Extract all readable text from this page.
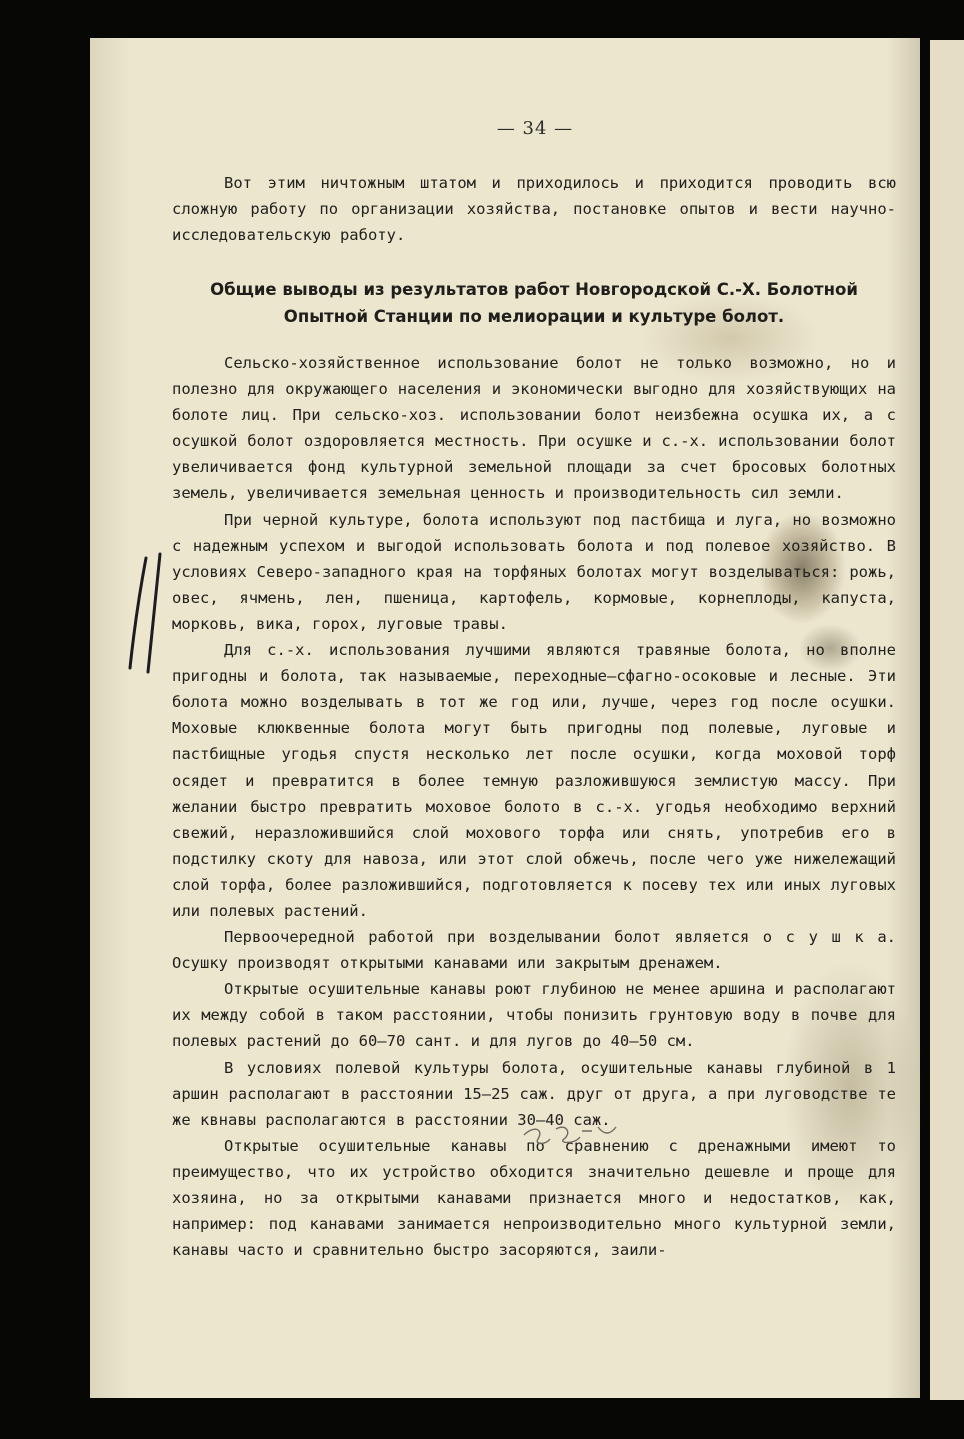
— 34 —
Вот этим ничтожным штатом и приходилось и приходится проводить всю сложную работу по организации хозяйства, постановке опытов и вести научно-исследовательскую работу.
Общие выводы из результатов работ Новгородской С.-Х. Болотной Опытной Станции по мелиорации и культуре болот.
Сельско-хозяйственное использование болот не только возможно, но и полезно для окружающего населения и экономически выгодно для хозяйствующих на болоте лиц. При сельско-хоз. использовании болот неизбежна осушка их, а с осушкой болот оздоровляется местность. При осушке и с.-х. использовании болот увеличивается фонд культурной земельной площади за счет бросовых болотных земель, увеличивается земельная ценность и производительность сил земли.
При черной культуре, болота используют под пастбища и луга, но возможно с надежным успехом и выгодой использовать болота и под полевое хозяйство. В условиях Северо-западного края на торфяных болотах могут возделываться: рожь, овес, ячмень, лен, пшеница, картофель, кормовые, корнеплоды, капуста, морковь, вика, горох, луговые травы.
Для с.-х. использования лучшими являются травяные болота, но вполне пригодны и болота, так называемые, переходные—сфагно-осоковые и лесные. Эти болота можно возделывать в тот же год или, лучше, через год после осушки. Моховые клюквенные болота могут быть пригодны под полевые, луговые и пастбищные угодья спустя несколько лет после осушки, когда моховой торф осядет и превратится в более темную разложившуюся землистую массу. При желании быстро превратить моховое болото в с.-х. угодья необходимо верхний свежий, неразложившийся слой мохового торфа или снять, употребив его в подстилку скоту для навоза, или этот слой обжечь, после чего уже нижележащий слой торфа, более разложившийся, подготовляется к посеву тех или иных луговых или полевых растений.
Первоочередной работой при возделывании болот является о с у ш к а. Осушку производят открытыми канавами или закрытым дренажем.
Открытые осушительные канавы роют глубиною не менее аршина и располагают их между собой в таком расстоянии, чтобы понизить грунтовую воду в почве для полевых растений до 60—70 сант. и для лугов до 40—50 см.
В условиях полевой культуры болота, осушительные канавы глубиной в 1 аршин располагают в расстоянии 15—25 саж. друг от друга, а при луговодстве те же квнавы располагаются в расстоянии 30—40 саж.
Открытые осушительные канавы по сравнению с дренажными имеют то преимущество, что их устройство обходится значительно дешевле и проще для хозяина, но за открытыми канавами признается много и недостатков, как, например: под канавами занимается непроизводительно много культурной земли, канавы часто и сравнительно быстро засоряются, заили-
